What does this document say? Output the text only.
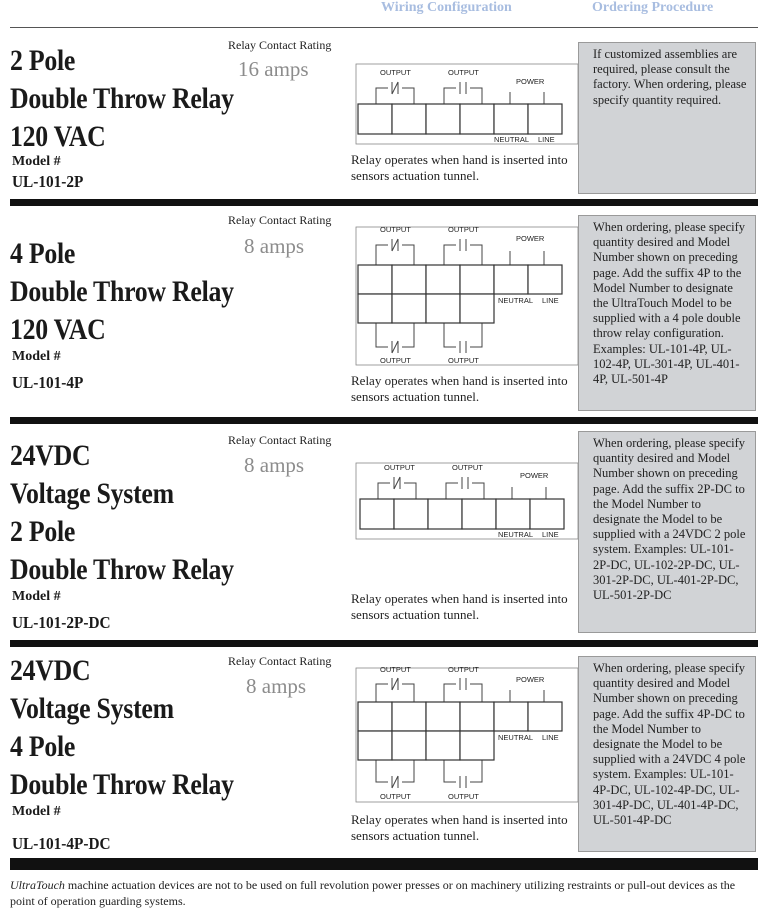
Wiring Configuration	Ordering Procedure
2 Pole
Double Throw Relay
120 VAC
Model #
UL-101-2P
Relay Contact Rating
16 amps	OUTPUT	OUTPUT
POWER
NEUTRAL LINE
Relay operates when hand is inserted into sensors actuation tunnel.
If customized assemblies are required, please consult the factory. When ordering, please specify quantity required.
4 Pole
Double Throw Relay
120 VAC
Model #
UL-101-4P
Relay Contact Rating
8 amps
OUTPUT	OUTPUT
POWER
NEUTRAL LINE
OUTPUT	OUTPUT
Relay operates when hand is inserted into sensors actuation tunnel.
When ordering, please specify quantity desired and Model Number shown on preceding page. Add the suffix 4P to the Model Number to designate the UltraTouch Model to be supplied with a 4 pole double throw relay configuration. Examples: UL-101-4P, UL-102-4P, UL-301-4P, UL-401-4P, UL-501-4P
24VDC
Voltage System
2 Pole
Double Throw Relay
Model #
UL-101-2P-DC
Relay Contact Rating
8 amps	OUTPUT	OUTPUT
POWER
NEUTRAL LINE
Relay operates when hand is inserted into sensors actuation tunnel.
When ordering, please specify quantity desired and Model Number shown on preceding page. Add the suffix 2P-DC to the Model Number to designate the Model to be supplied with a 24VDC 2 pole system. Examples: UL-101-2P-DC, UL-102-2P-DC, UL-301-2P-DC, UL-401-2P-DC, UL-501-2P-DC
24VDC
Voltage System
4 Pole
Double Throw Relay
Model #
UL-101-4P-DC
Relay Contact Rating
8 amps
OUTPUT	OUTPUT
POWER
NEUTRAL LINE
OUTPUT	OUTPUT
Relay operates when hand is inserted into sensors actuation tunnel.
When ordering, please specify quantity desired and Model Number shown on preceding page. Add the suffix 4P-DC to the Model Number to designate the Model to be supplied with a 24VDC 4 pole system. Examples: UL-101-4P-DC, UL-102-4P-DC, UL-301-4P-DC, UL-401-4P-DC, UL-501-4P-DC
UltraTouch machine actuation devices are not to be used on full revolution power presses or on machinery utilizing restraints or pull-out devices as the point of operation guarding systems.
